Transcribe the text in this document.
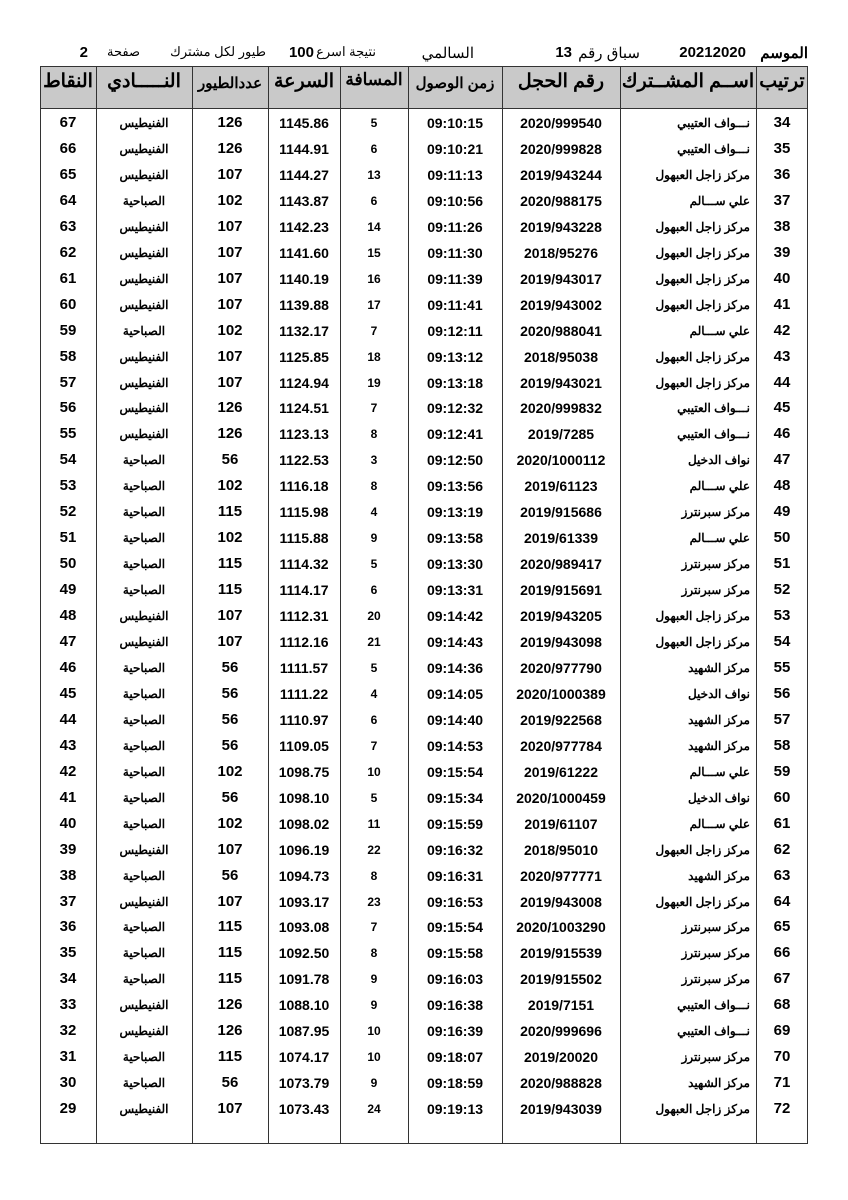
الموسم
20212020
سباق رقم
13
السالمي
نتيجة اسرع
100
طيور لكل مشترك
صفحة
2
ترتيب
اســم المشــترك
رقم الحجل
زمن الوصول
المسافة
السرعة
عددالطيور
النـــــادي
النقاط
34
نـــواف العتيبي
2020/999540
09:10:15
5
1145.86
126
الفنيطيس
67
35
نـــواف العتيبي
2020/999828
09:10:21
6
1144.91
126
الفنيطيس
66
36
مركز زاجل العبهول
2019/943244
09:11:13
13
1144.27
107
الفنيطيس
65
37
علي ســـالم
2020/988175
09:10:56
6
1143.87
102
الصباحية
64
38
مركز زاجل العبهول
2019/943228
09:11:26
14
1142.23
107
الفنيطيس
63
39
مركز زاجل العبهول
2018/95276
09:11:30
15
1141.60
107
الفنيطيس
62
40
مركز زاجل العبهول
2019/943017
09:11:39
16
1140.19
107
الفنيطيس
61
41
مركز زاجل العبهول
2019/943002
09:11:41
17
1139.88
107
الفنيطيس
60
42
علي ســـالم
2020/988041
09:12:11
7
1132.17
102
الصباحية
59
43
مركز زاجل العبهول
2018/95038
09:13:12
18
1125.85
107
الفنيطيس
58
44
مركز زاجل العبهول
2019/943021
09:13:18
19
1124.94
107
الفنيطيس
57
45
نـــواف العتيبي
2020/999832
09:12:32
7
1124.51
126
الفنيطيس
56
46
نـــواف العتيبي
2019/7285
09:12:41
8
1123.13
126
الفنيطيس
55
47
نواف الدخيل
2020/1000112
09:12:50
3
1122.53
56
الصباحية
54
48
علي ســـالم
2019/61123
09:13:56
8
1116.18
102
الصباحية
53
49
مركز سبرنترز
2019/915686
09:13:19
4
1115.98
115
الصباحية
52
50
علي ســـالم
2019/61339
09:13:58
9
1115.88
102
الصباحية
51
51
مركز سبرنترز
2020/989417
09:13:30
5
1114.32
115
الصباحية
50
52
مركز سبرنترز
2019/915691
09:13:31
6
1114.17
115
الصباحية
49
53
مركز زاجل العبهول
2019/943205
09:14:42
20
1112.31
107
الفنيطيس
48
54
مركز زاجل العبهول
2019/943098
09:14:43
21
1112.16
107
الفنيطيس
47
55
مركز الشهيد
2020/977790
09:14:36
5
1111.57
56
الصباحية
46
56
نواف الدخيل
2020/1000389
09:14:05
4
1111.22
56
الصباحية
45
57
مركز الشهيد
2019/922568
09:14:40
6
1110.97
56
الصباحية
44
58
مركز الشهيد
2020/977784
09:14:53
7
1109.05
56
الصباحية
43
59
علي ســـالم
2019/61222
09:15:54
10
1098.75
102
الصباحية
42
60
نواف الدخيل
2020/1000459
09:15:34
5
1098.10
56
الصباحية
41
61
علي ســـالم
2019/61107
09:15:59
11
1098.02
102
الصباحية
40
62
مركز زاجل العبهول
2018/95010
09:16:32
22
1096.19
107
الفنيطيس
39
63
مركز الشهيد
2020/977771
09:16:31
8
1094.73
56
الصباحية
38
64
مركز زاجل العبهول
2019/943008
09:16:53
23
1093.17
107
الفنيطيس
37
65
مركز سبرنترز
2020/1003290
09:15:54
7
1093.08
115
الصباحية
36
66
مركز سبرنترز
2019/915539
09:15:58
8
1092.50
115
الصباحية
35
67
مركز سبرنترز
2019/915502
09:16:03
9
1091.78
115
الصباحية
34
68
نـــواف العتيبي
2019/7151
09:16:38
9
1088.10
126
الفنيطيس
33
69
نـــواف العتيبي
2020/999696
09:16:39
10
1087.95
126
الفنيطيس
32
70
مركز سبرنترز
2019/20020
09:18:07
10
1074.17
115
الصباحية
31
71
مركز الشهيد
2020/988828
09:18:59
9
1073.79
56
الصباحية
30
72
مركز زاجل العبهول
2019/943039
09:19:13
24
1073.43
107
الفنيطيس
29
